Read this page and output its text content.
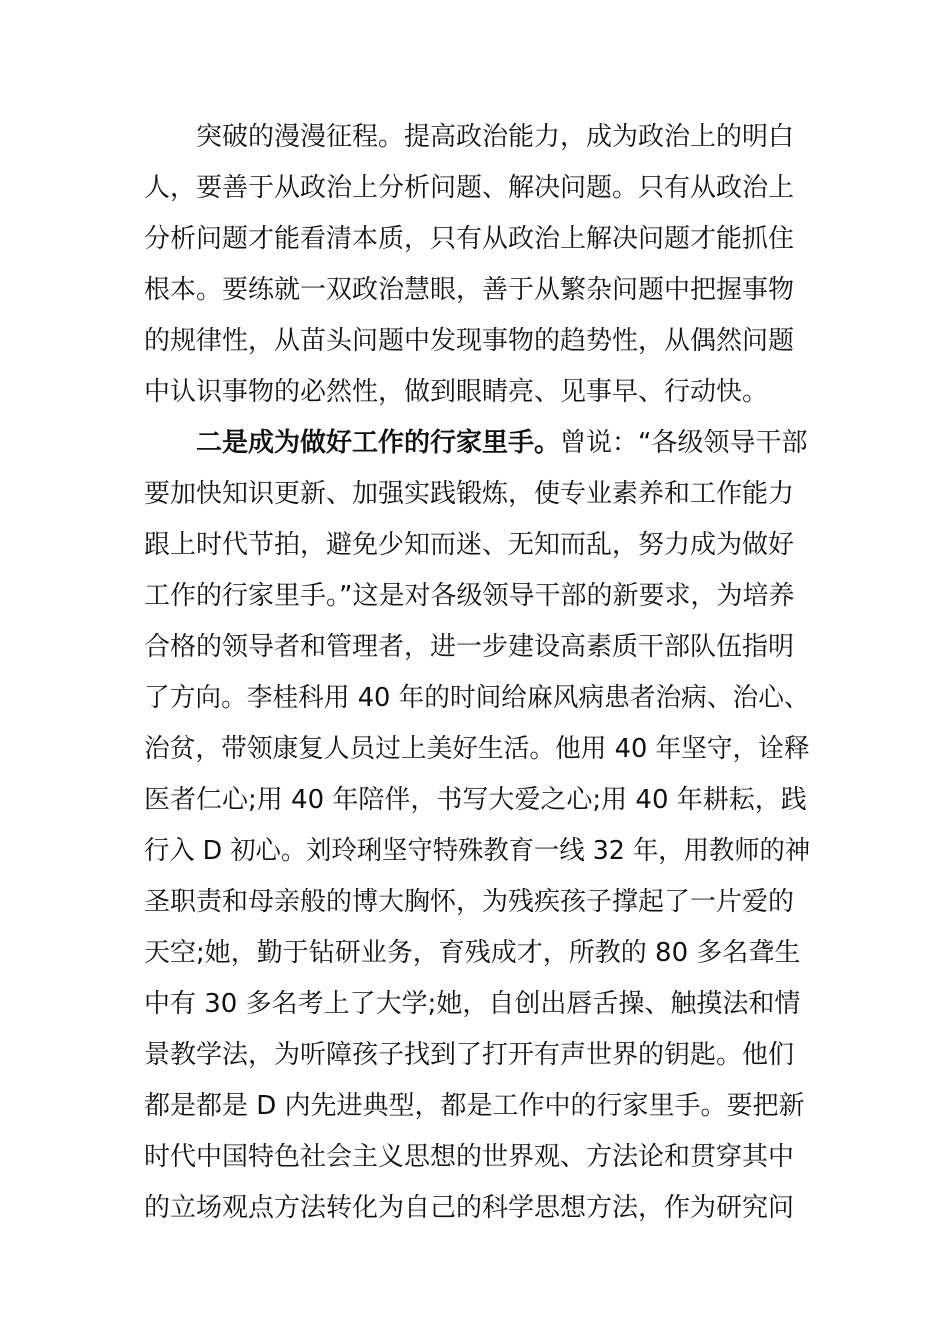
突破的漫漫征程。提高政治能力，成为政治上的明白
人，要善于从政治上分析问题、解决问题。只有从政治上
分析问题才能看清本质，只有从政治上解决问题才能抓住
根本。要练就一双政治慧眼，善于从繁杂问题中把握事物
的规律性，从苗头问题中发现事物的趋势性，从偶然问题
中认识事物的必然性，做到眼睛亮、见事早、行动快。
二是成为做好工作的行家里手。曾说：“各级领导干部
要加快知识更新、加强实践锻炼，使专业素养和工作能力
跟上时代节拍，避免少知而迷、无知而乱，努力成为做好
工作的行家里手。”这是对各级领导干部的新要求，为培养
合格的领导者和管理者，进一步建设高素质干部队伍指明
了方向。李桂科用 40 年的时间给麻风病患者治病、治心、
治贫，带领康复人员过上美好生活。他用 40 年坚守，诠释
医者仁心;用 40 年陪伴，书写大爱之心;用 40 年耕耘，践
行入 D 初心。刘玲琍坚守特殊教育一线 32 年，用教师的神
圣职责和母亲般的博大胸怀，为残疾孩子撑起了一片爱的
天空;她，勤于钻研业务，育残成才，所教的 80 多名聋生
中有 30 多名考上了大学;她，自创出唇舌操、触摸法和情
景教学法，为听障孩子找到了打开有声世界的钥匙。他们
都是都是 D 内先进典型，都是工作中的行家里手。要把新
时代中国特色社会主义思想的世界观、方法论和贯穿其中
的立场观点方法转化为自己的科学思想方法，作为研究问
